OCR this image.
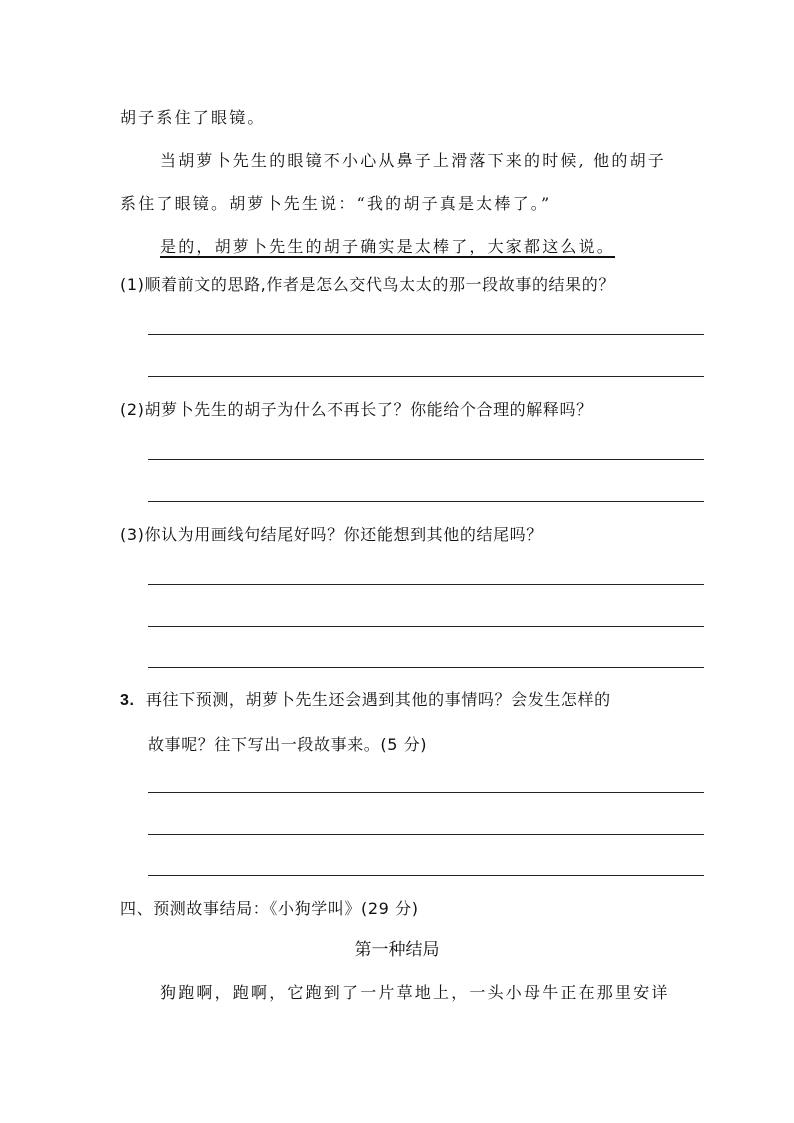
胡子系住了眼镜。
当胡萝卜先生的眼镜不小心从鼻子上滑落下来的时候, 他的胡子
系住了眼镜。胡萝卜先生说：“我的胡子真是太棒了。”
是的，胡萝卜先生的胡子确实是太棒了，大家都这么说。
(1)顺着前文的思路,作者是怎么交代鸟太太的那一段故事的结果的？
(2)胡萝卜先生的胡子为什么不再长了？你能给个合理的解释吗？
(3)你认为用画线句结尾好吗？你还能想到其他的结尾吗？
3. 再往下预测，胡萝卜先生还会遇到其他的事情吗？会发生怎样的
故事呢？往下写出一段故事来。(5 分)
四、预测故事结局：《小狗学叫》(29 分)
第一种结局
狗跑啊，跑啊，它跑到了一片草地上，一头小母牛正在那里安详
